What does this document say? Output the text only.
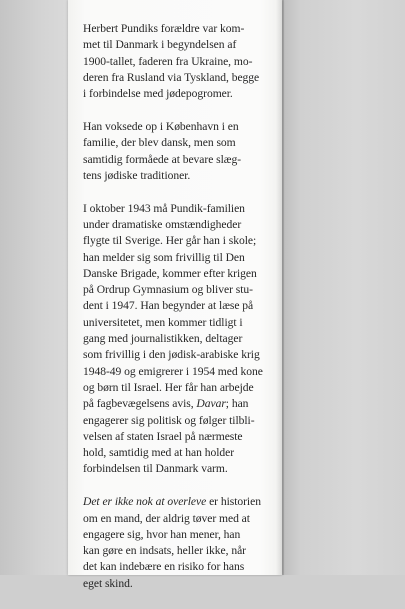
Herbert Pundiks forældre var kom-
met til Danmark i begyndelsen af
1900-tallet, faderen fra Ukraine, mo-
deren fra Rusland via Tyskland, begge
i forbindelse med jødepogromer.

Han voksede op i København i en
familie, der blev dansk, men som
samtidig formåede at bevare slæg-
tens jødiske traditioner.

I oktober 1943 må Pundik-familien
under dramatiske omstændigheder
flygte til Sverige. Her går han i skole;
han melder sig som frivillig til Den
Danske Brigade, kommer efter krigen
på Ordrup Gymnasium og bliver stu-
dent i 1947. Han begynder at læse på
universitetet, men kommer tidligt i
gang med journalistikken, deltager
som frivillig i den jødisk-arabiske krig
1948-49 og emigrerer i 1954 med kone
og børn til Israel. Her får han arbejde
på fagbevægelsens avis, Davar; han
engagerer sig politisk og følger tilbli-
velsen af staten Israel på nærmeste
hold, samtidig med at han holder
forbindelsen til Danmark varm.

Det er ikke nok at overleve er historien
om en mand, der aldrig tøver med at
engagere sig, hvor han mener, han
kan gøre en indsats, heller ikke, når
det kan indebære en risiko for hans
eget skind.
